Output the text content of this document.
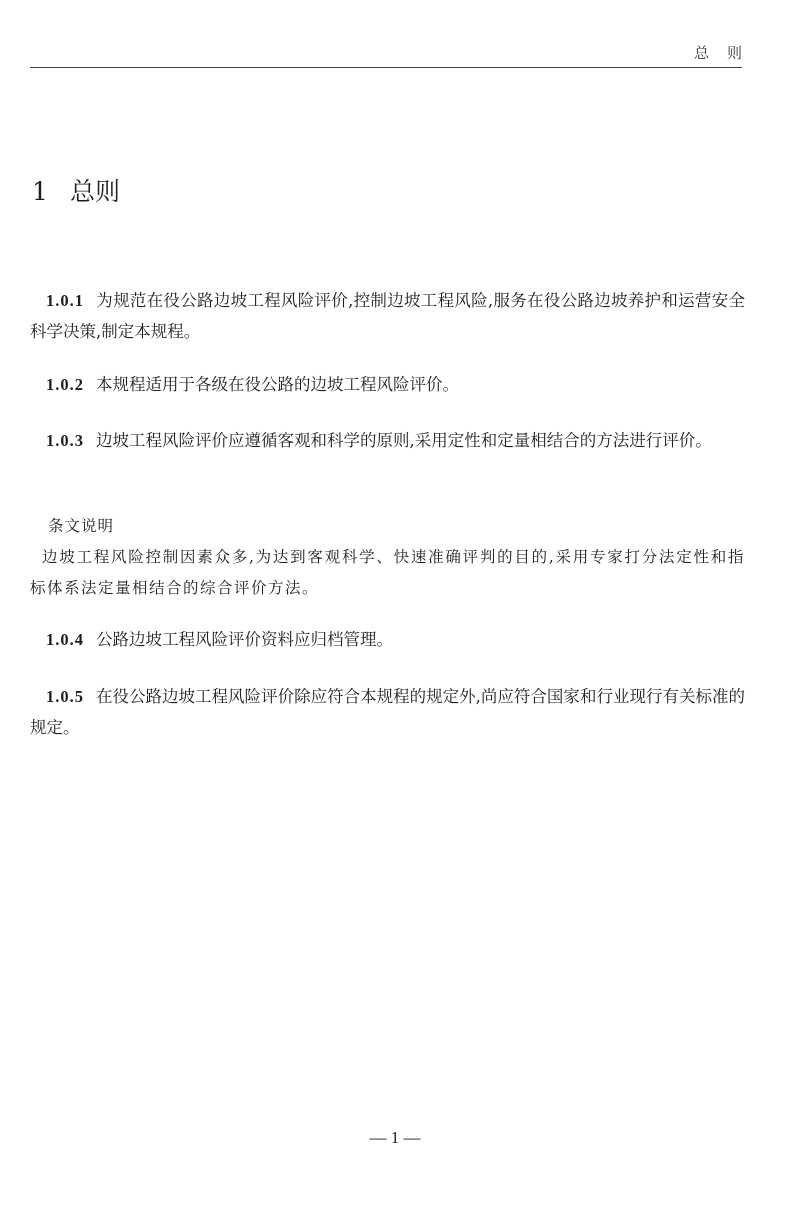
总则
1 总则

1.0.1 为规范在役公路边坡工程风险评价,控制边坡工程风险,服务在役公路边坡养护和运营安全科学决策,制定本规程。

1.0.2 本规程适用于各级在役公路的边坡工程风险评价。

1.0.3 边坡工程风险评价应遵循客观和科学的原则,采用定性和定量相结合的方法进行评价。

条文说明

边坡工程风险控制因素众多,为达到客观科学、快速准确评判的目的,采用专家打分法定性和指标体系法定量相结合的综合评价方法。

1.0.4 公路边坡工程风险评价资料应归档管理。

1.0.5 在役公路边坡工程风险评价除应符合本规程的规定外,尚应符合国家和行业现行有关标准的规定。

— 1 —
